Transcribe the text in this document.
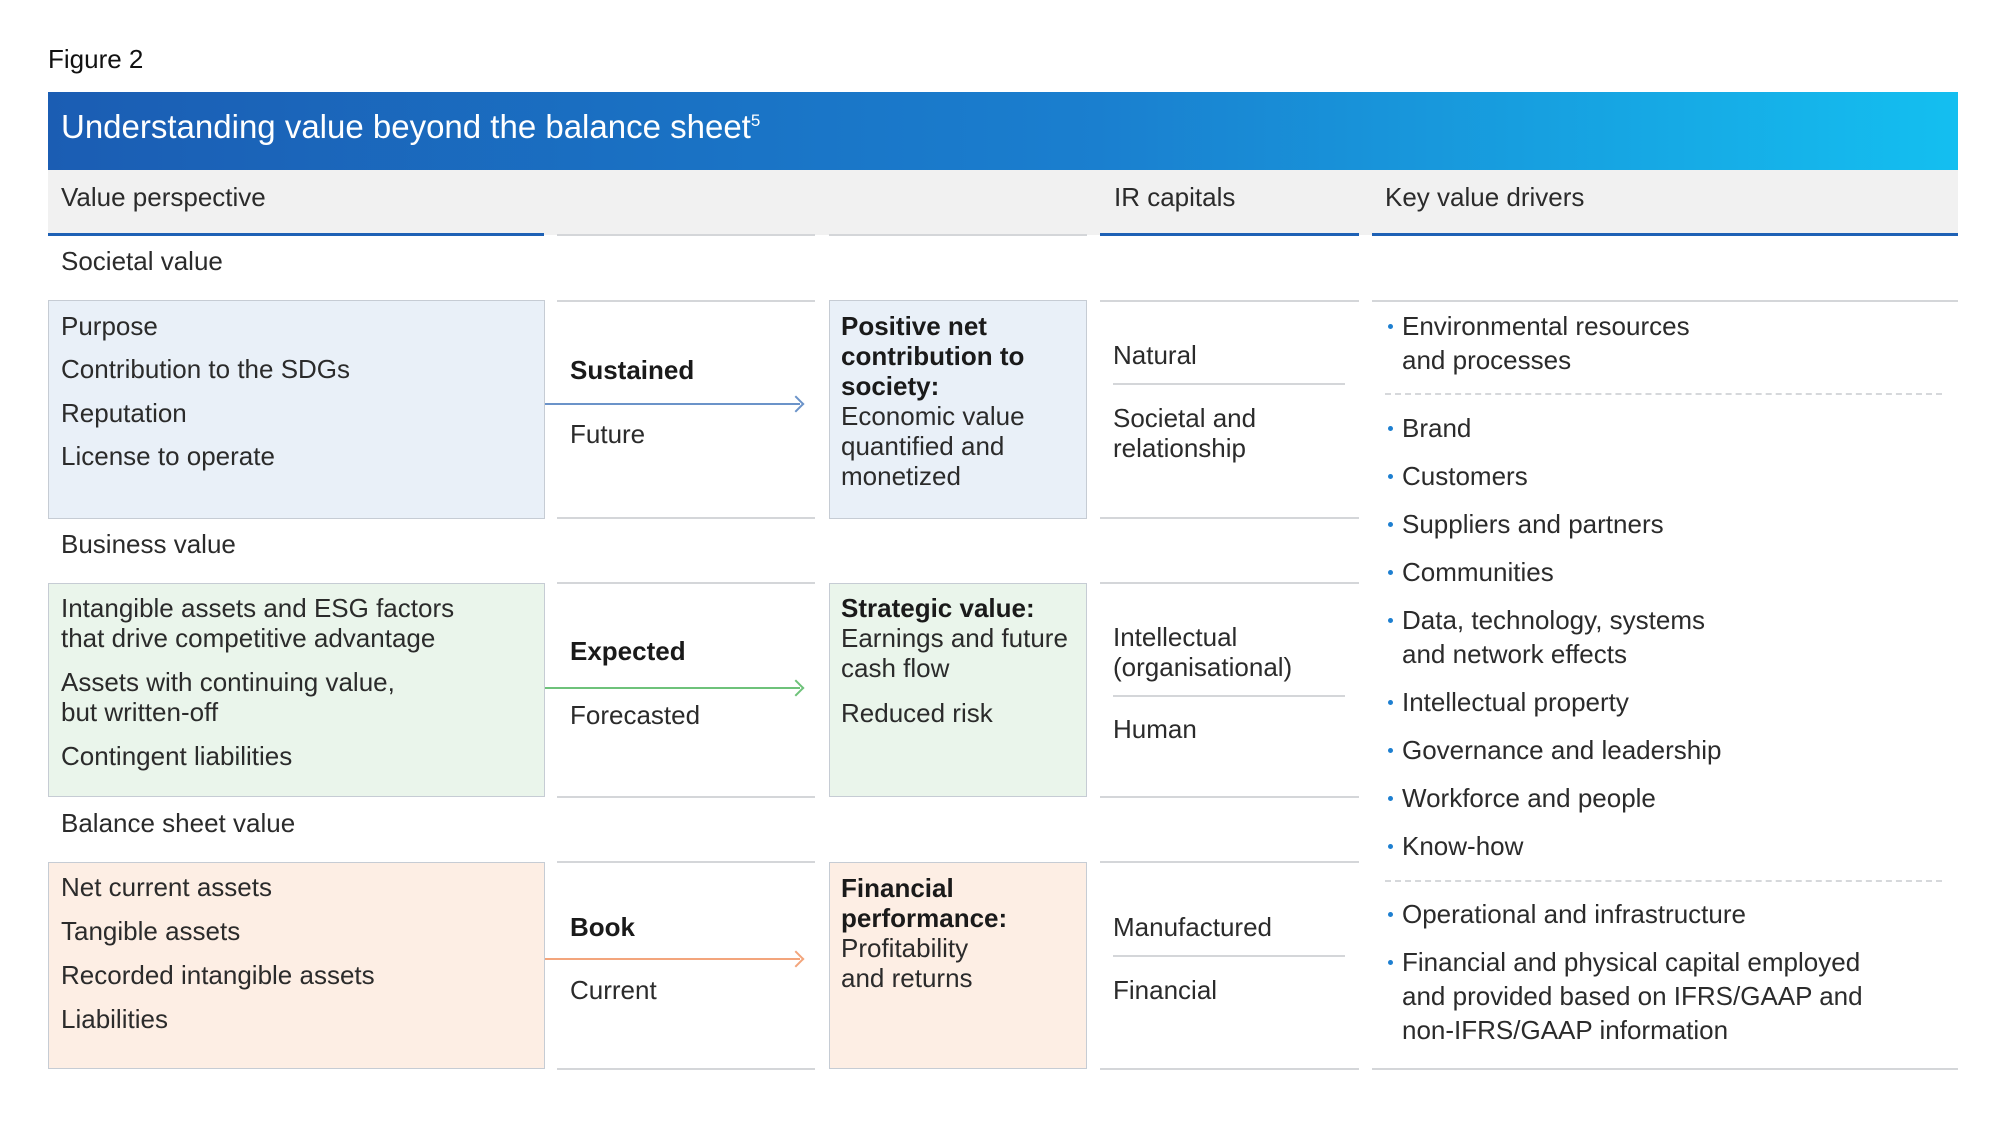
Figure 2
Understanding value beyond the balance sheet$^5$
Value perspective	IR capitals	Key value drivers
Societal value
Purpose
Contribution to the SDGs
Reputation
License to operate
Sustained
Future
Positive net
contribution to
society:
Economic value
quantified and
monetized
Natural
Societal and
relationship
Business value
Intangible assets and ESG factors
that drive competitive advantage
Assets with continuing value,
but written-off
Contingent liabilities
Expected
Forecasted
Strategic value:
Earnings and future
cash flow
Reduced risk
Intellectual
(organisational)
Human
Balance sheet value
Net current assets
Tangible assets
Recorded intangible assets
Liabilities
Book
Current
Financial
performance:
Profitability
and returns
Manufactured
Financial
Environmental resources
and processes
Brand
Customers
Suppliers and partners
Communities
Data, technology, systems
and network effects
Intellectual property
Governance and leadership
Workforce and people
Know-how
Operational and infrastructure
Financial and physical capital employed
and provided based on IFRS/GAAP and
non-IFRS/GAAP information
